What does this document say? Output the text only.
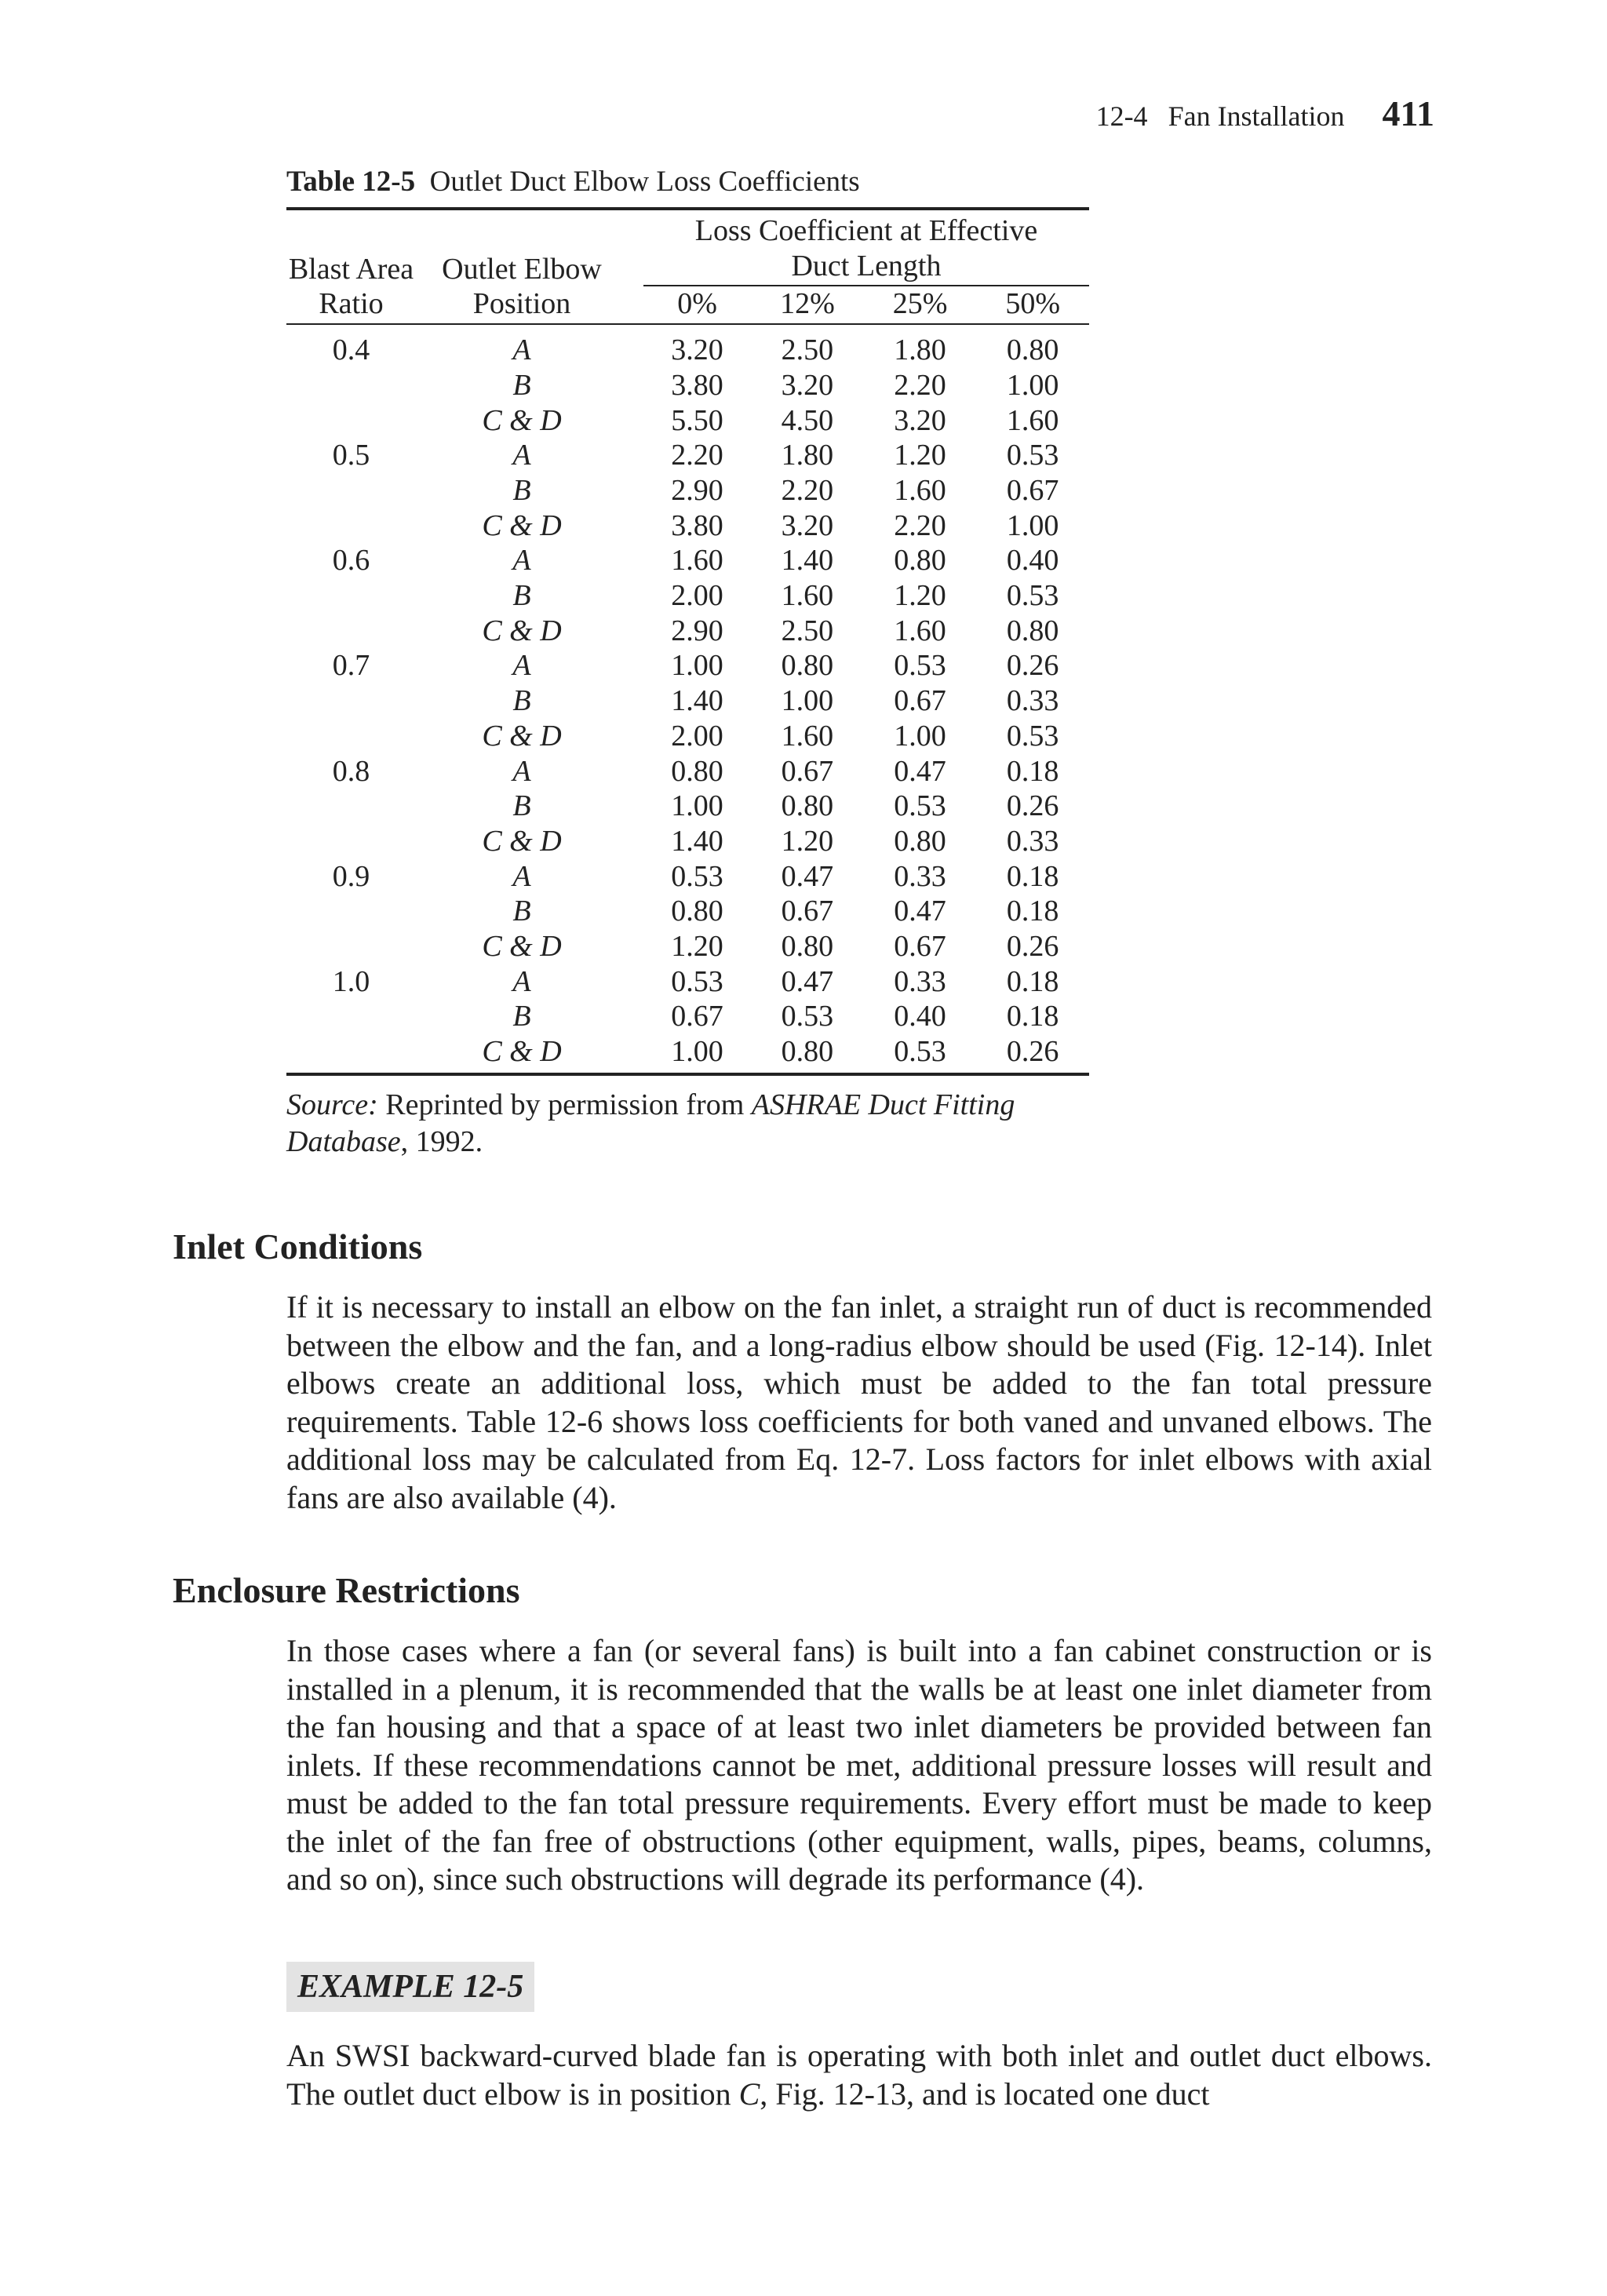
12-4 Fan Installation 411
Table 12-5 Outlet Duct Elbow Loss Coefficients
Blast Area
Ratio	Outlet Elbow
Position	Loss Coefficient at Effective
Duct Length			
		0%	12%	25%	50%
0.4	A	3.20	2.50	1.80	0.80
	B	3.80	3.20	2.20	1.00
	C & D	5.50	4.50	3.20	1.60
0.5	A	2.20	1.80	1.20	0.53
	B	2.90	2.20	1.60	0.67
	C & D	3.80	3.20	2.20	1.00
0.6	A	1.60	1.40	0.80	0.40
	B	2.00	1.60	1.20	0.53
	C & D	2.90	2.50	1.60	0.80
0.7	A	1.00	0.80	0.53	0.26
	B	1.40	1.00	0.67	0.33
	C & D	2.00	1.60	1.00	0.53
0.8	A	0.80	0.67	0.47	0.18
	B	1.00	0.80	0.53	0.26
	C & D	1.40	1.20	0.80	0.33
0.9	A	0.53	0.47	0.33	0.18
	B	0.80	0.67	0.47	0.18
	C & D	1.20	0.80	0.67	0.26
1.0	A	0.53	0.47	0.33	0.18
	B	0.67	0.53	0.40	0.18
	C & D	1.00	0.80	0.53	0.26
Source: Reprinted by permission from ASHRAE Duct Fitting Database, 1992.
Inlet Conditions

If it is necessary to install an elbow on the fan inlet, a straight run of duct is recommended between the elbow and the fan, and a long-radius elbow should be used (Fig. 12-14). Inlet elbows create an additional loss, which must be added to the fan total pressure requirements. Table 12-6 shows loss coefficients for both vaned and unvaned elbows. The additional loss may be calculated from Eq. 12-7. Loss factors for inlet elbows with axial fans are also available (4).

Enclosure Restrictions

In those cases where a fan (or several fans) is built into a fan cabinet construction or is installed in a plenum, it is recommended that the walls be at least one inlet diameter from the fan housing and that a space of at least two inlet diameters be provided between fan inlets. If these recommendations cannot be met, additional pressure losses will result and must be added to the fan total pressure requirements. Every effort must be made to keep the inlet of the fan free of obstructions (other equipment, walls, pipes, beams, columns, and so on), since such obstructions will degrade its performance (4).

EXAMPLE 12-5

An SWSI backward-curved blade fan is operating with both inlet and outlet duct elbows. The outlet duct elbow is in position C, Fig. 12-13, and is located one duct
